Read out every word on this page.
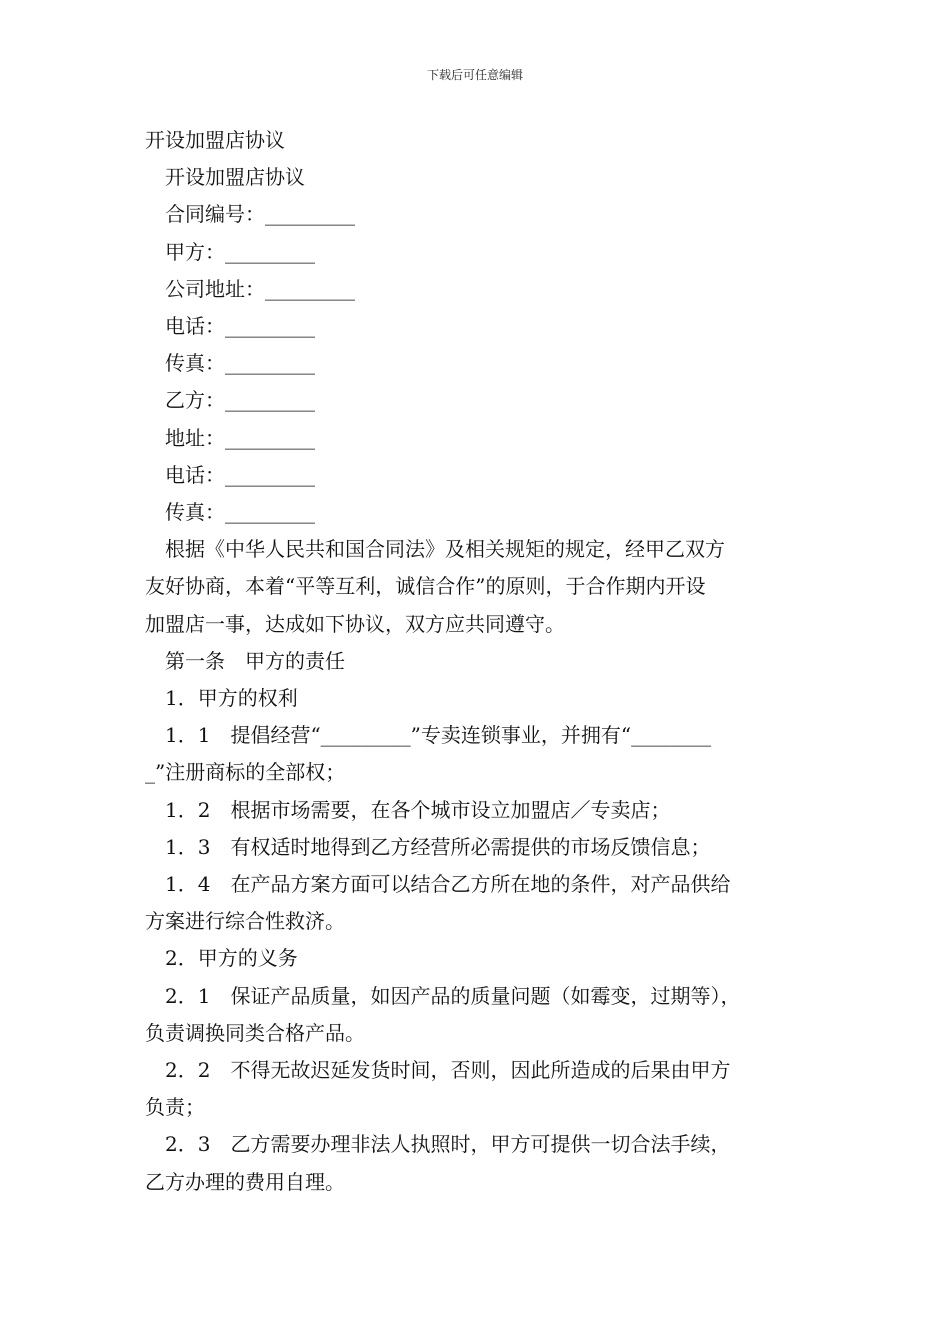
下载后可任意编辑
开设加盟店协议
开设加盟店协议
合同编号：_________
甲方：_________
公司地址：_________
电话：_________
传真：_________
乙方：_________
地址：_________
电话：_________
传真：_________
根据《中华人民共和国合同法》及相关规矩的规定，经甲乙双方
友好协商，本着“平等互利，诚信合作”的原则，于合作期内开设
加盟店一事，达成如下协议，双方应共同遵守。
第一条　甲方的责任
1．甲方的权利
1．1　提倡经营“_________”专卖连锁事业，并拥有“________
_”注册商标的全部权；
1．2　根据市场需要，在各个城市设立加盟店／专卖店；
1．3　有权适时地得到乙方经营所必需提供的市场反馈信息；
1．4　在产品方案方面可以结合乙方所在地的条件，对产品供给
方案进行综合性救济。
2．甲方的义务
2．1　保证产品质量，如因产品的质量问题（如霉变，过期等），
负责调换同类合格产品。
2．2　不得无故迟延发货时间，否则，因此所造成的后果由甲方
负责；
2．3　乙方需要办理非法人执照时，甲方可提供一切合法手续，
乙方办理的费用自理。
